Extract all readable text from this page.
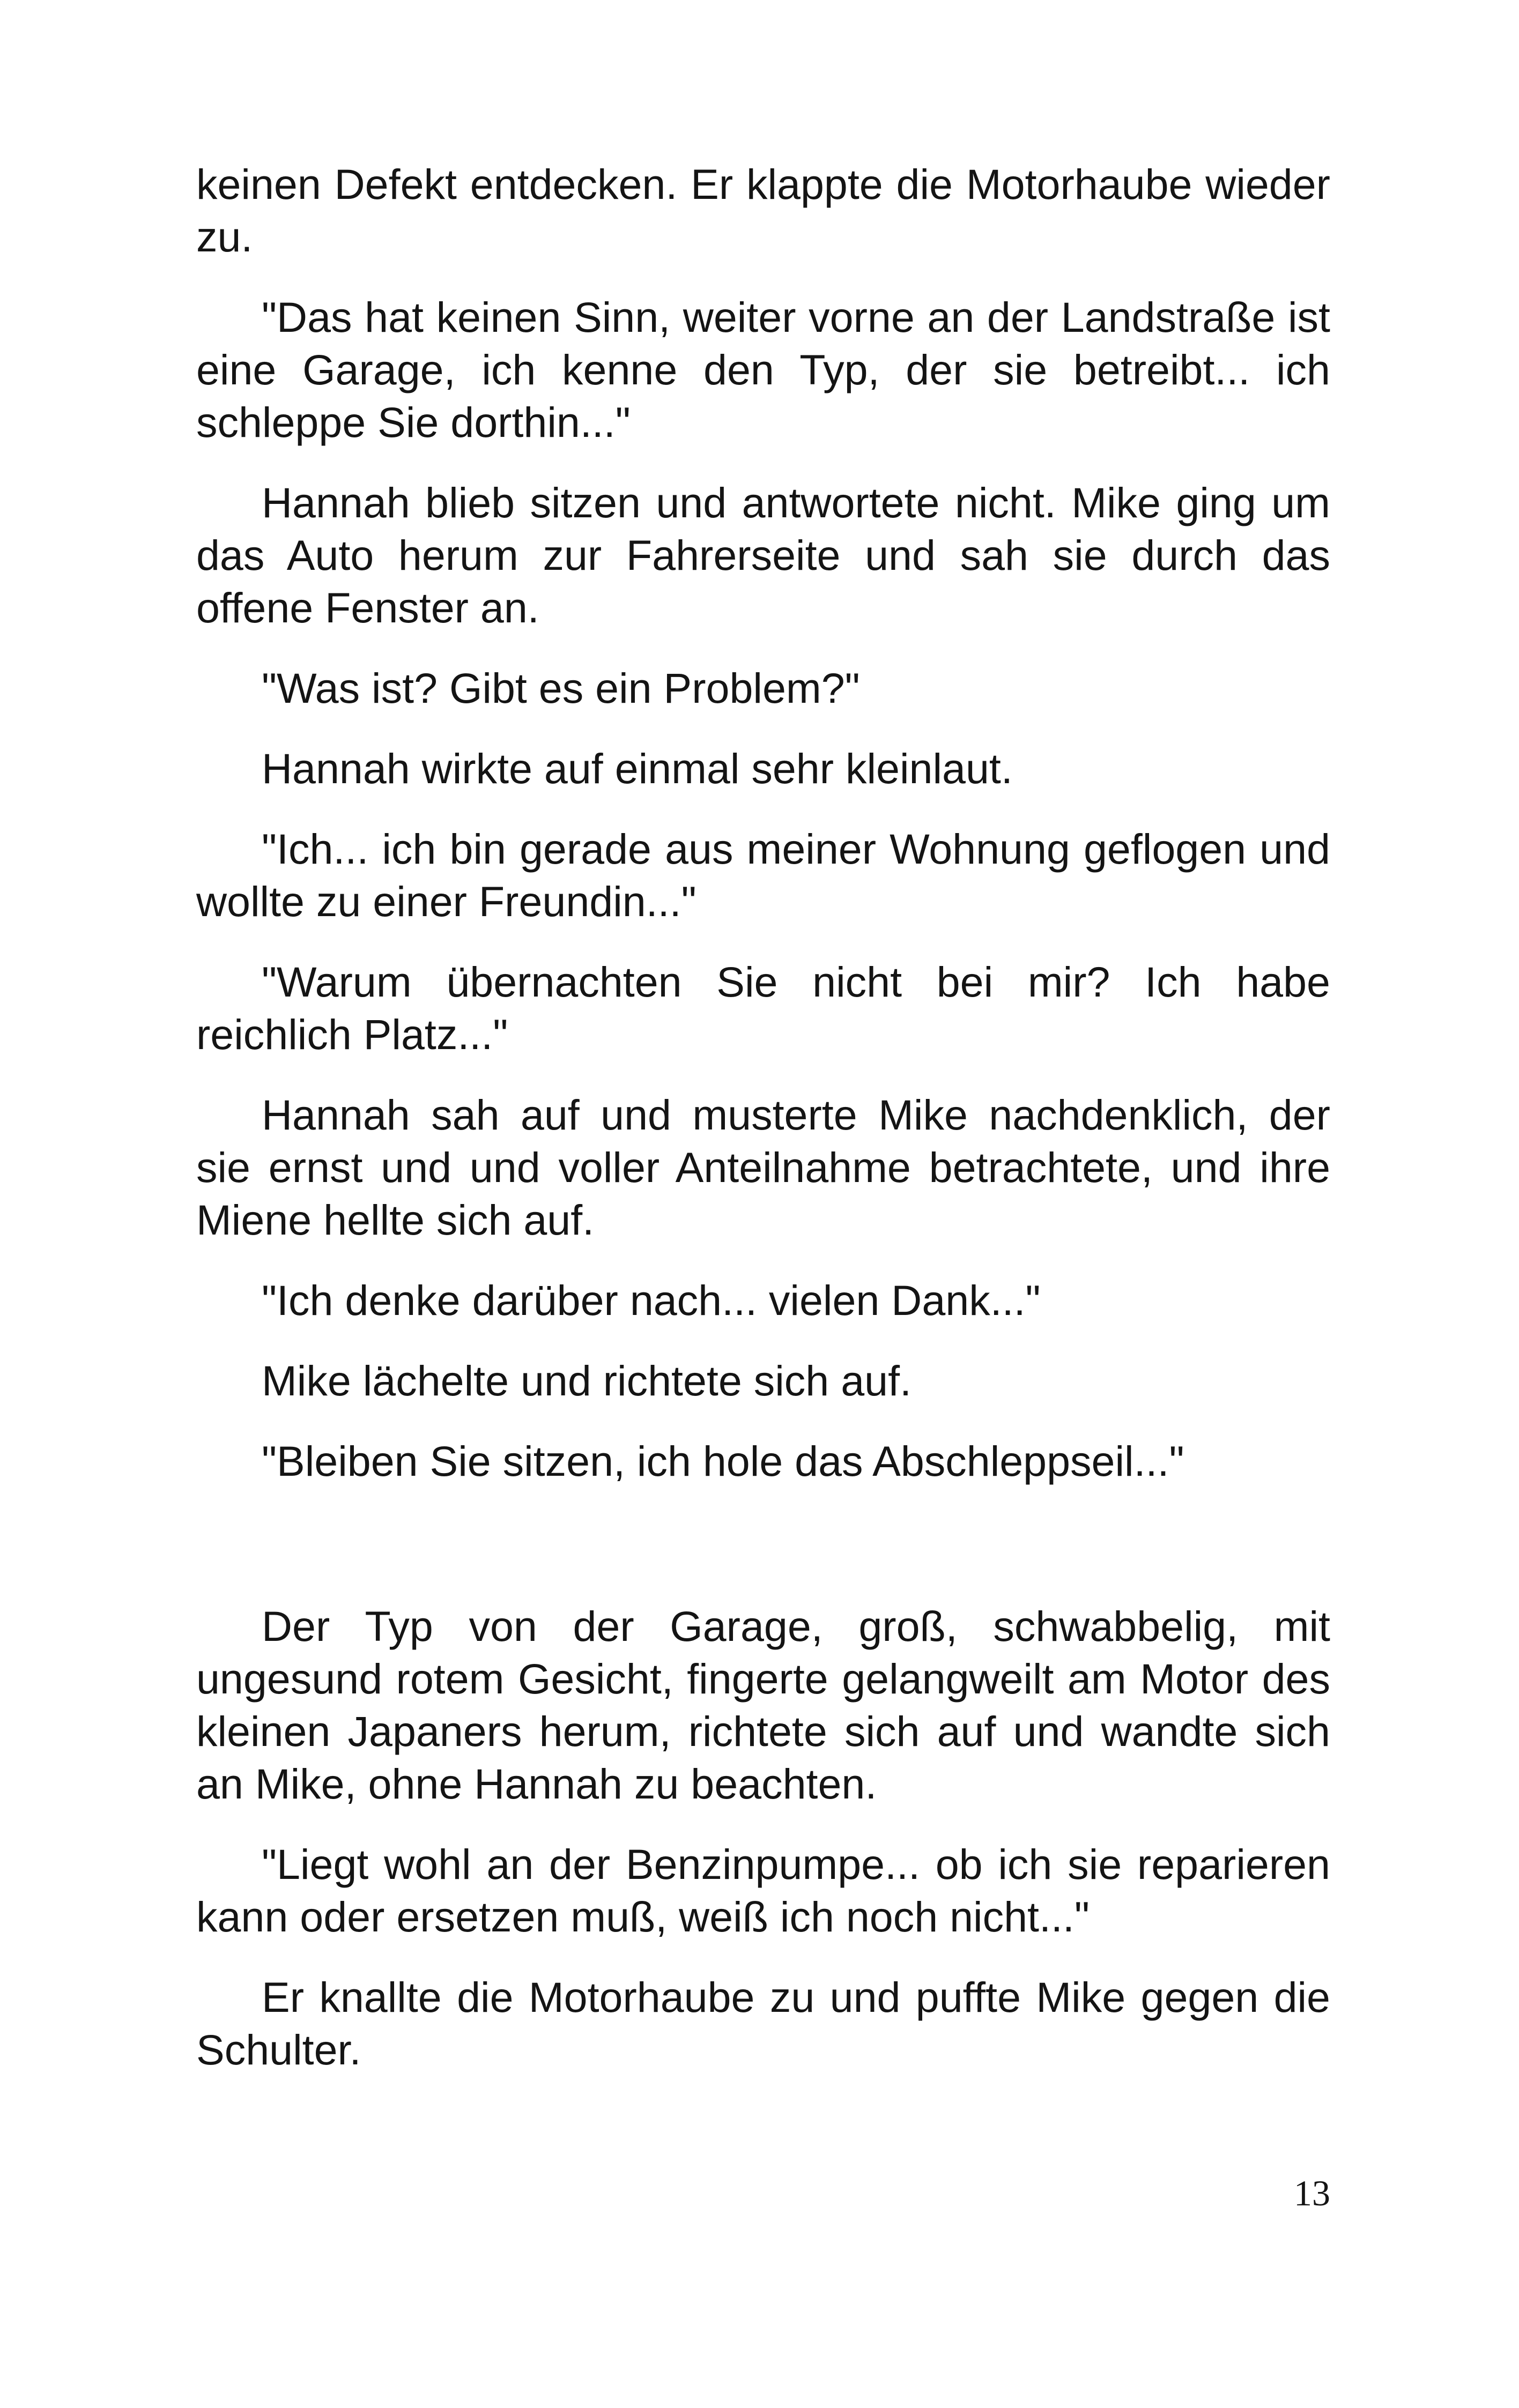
keinen Defekt entdecken. Er klappte die Motorhaube wieder zu.

"Das hat keinen Sinn, weiter vorne an der Landstraße ist eine Garage, ich kenne den Typ, der sie betreibt... ich schleppe Sie dorthin..."

Hannah blieb sitzen und antwortete nicht. Mike ging um das Auto herum zur Fahrerseite und sah sie durch das offene Fenster an.

"Was ist? Gibt es ein Problem?"

Hannah wirkte auf einmal sehr kleinlaut.

"Ich... ich bin gerade aus meiner Wohnung geflogen und wollte zu einer Freundin..."

"Warum übernachten Sie nicht bei mir? Ich habe reichlich Platz..."

Hannah sah auf und musterte Mike nachdenklich, der sie ernst und und voller Anteilnahme betrachtete, und ihre Miene hellte sich auf.

"Ich denke darüber nach... vielen Dank..."

Mike lächelte und richtete sich auf.

"Bleiben Sie sitzen, ich hole das Abschleppseil..."

Der Typ von der Garage, groß, schwabbelig, mit ungesund rotem Gesicht, fingerte gelangweilt am Motor des kleinen Japaners herum, richtete sich auf und wandte sich an Mike, ohne Hannah zu beachten.

"Liegt wohl an der Benzinpumpe... ob ich sie reparieren kann oder ersetzen muß, weiß ich noch nicht..."

Er knallte die Motorhaube zu und puffte Mike gegen die Schulter.

13
